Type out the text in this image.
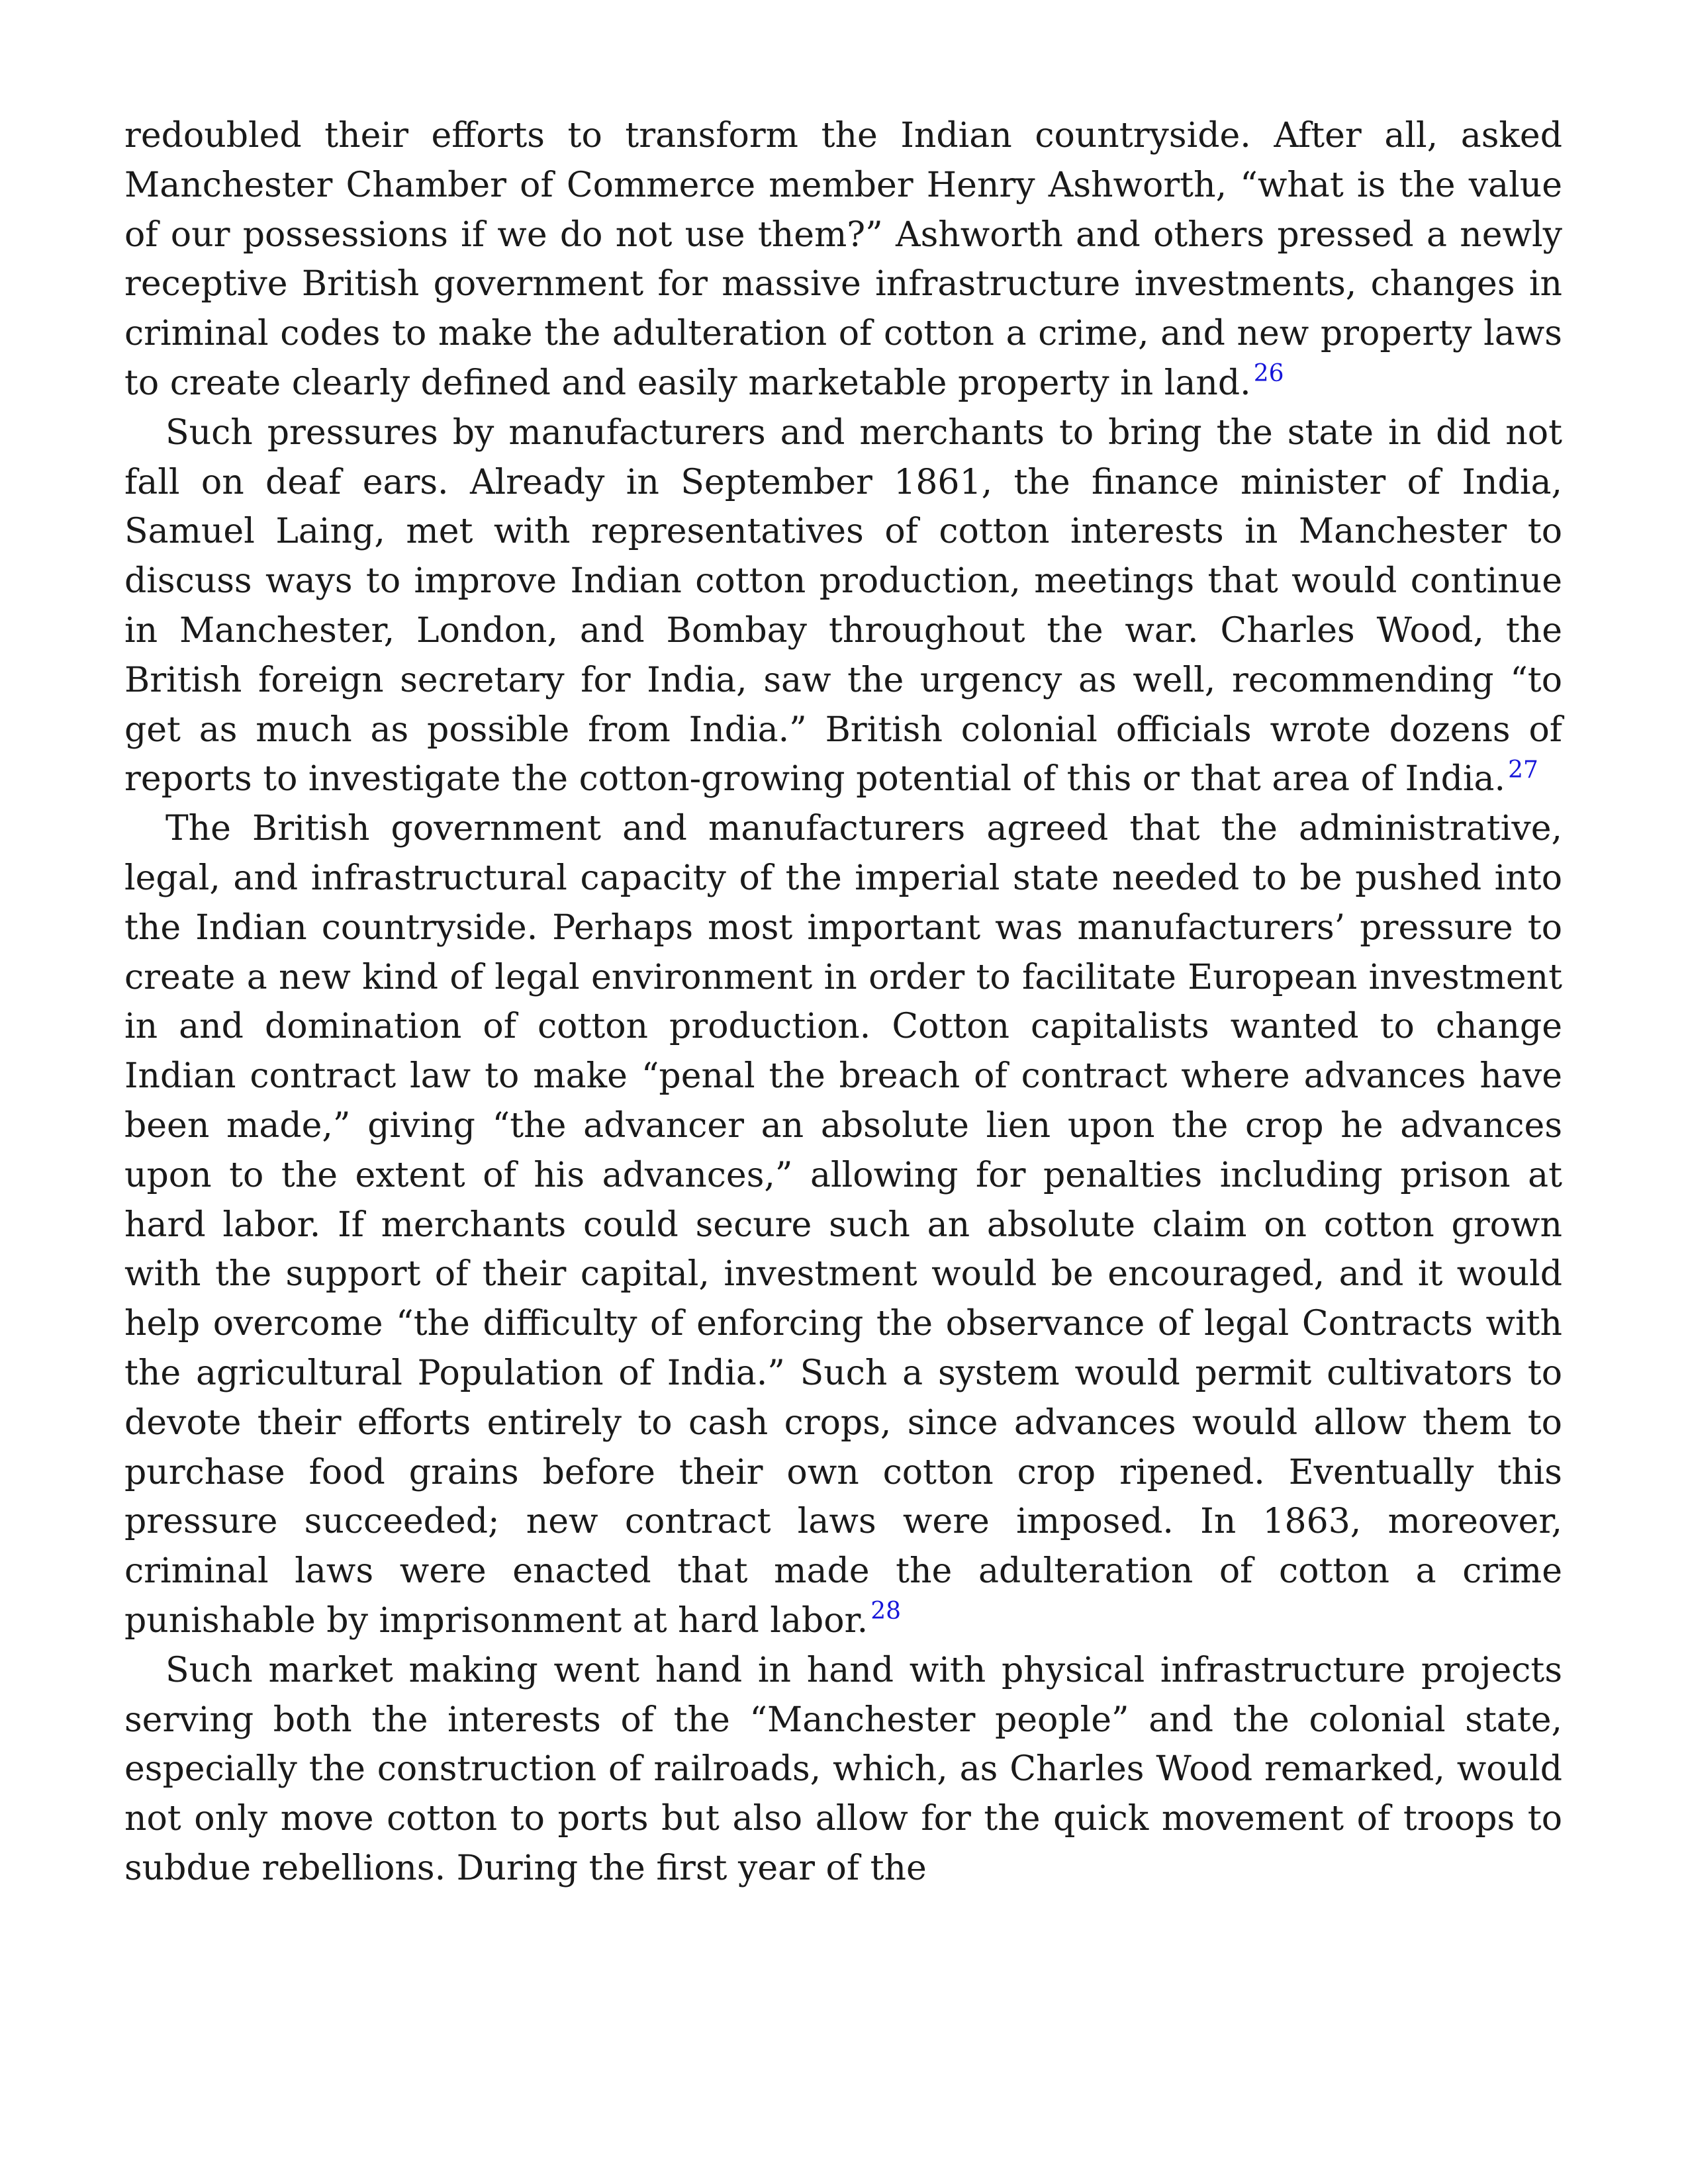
redoubled their efforts to transform the Indian countryside. After all, asked Manchester Chamber of Commerce member Henry Ashworth, “what is the value of our possessions if we do not use them?” Ashworth and others pressed a newly receptive British government for massive infrastructure investments, changes in criminal codes to make the adulteration of cotton a crime, and new property laws to create clearly defined and easily marketable property in land. $^{26}$

Such pressures by manufacturers and merchants to bring the state in did not fall on deaf ears. Already in September 1861, the finance minister of India, Samuel Laing, met with representatives of cotton interests in Manchester to discuss ways to improve Indian cotton production, meetings that would continue in Manchester, London, and Bombay throughout the war. Charles Wood, the British foreign secretary for India, saw the urgency as well, recommending “to get as much as possible from India.” British colonial officials wrote dozens of reports to investigate the cotton-growing potential of this or that area of India. $^{27}$

The British government and manufacturers agreed that the administrative, legal, and infrastructural capacity of the imperial state needed to be pushed into the Indian countryside. Perhaps most important was manufacturers’ pressure to create a new kind of legal environment in order to facilitate European investment in and domination of cotton production. Cotton capitalists wanted to change Indian contract law to make “penal the breach of contract where advances have been made,” giving “the advancer an absolute lien upon the crop he advances upon to the extent of his advances,” allowing for penalties including prison at hard labor. If merchants could secure such an absolute claim on cotton grown with the support of their capital, investment would be encouraged, and it would help overcome “the difficulty of enforcing the observance of legal Contracts with the agricultural Population of India.” Such a system would permit cultivators to devote their efforts entirely to cash crops, since advances would allow them to purchase food grains before their own cotton crop ripened. Eventually this pressure succeeded; new contract laws were imposed. In 1863, moreover, criminal laws were enacted that made the adulteration of cotton a crime punishable by imprisonment at hard labor. $^{28}$

Such market making went hand in hand with physical infrastructure projects serving both the interests of the “Manchester people” and the colonial state, especially the construction of railroads, which, as Charles Wood remarked, would not only move cotton to ports but also allow for the quick movement of troops to subdue rebellions. During the first year of the
